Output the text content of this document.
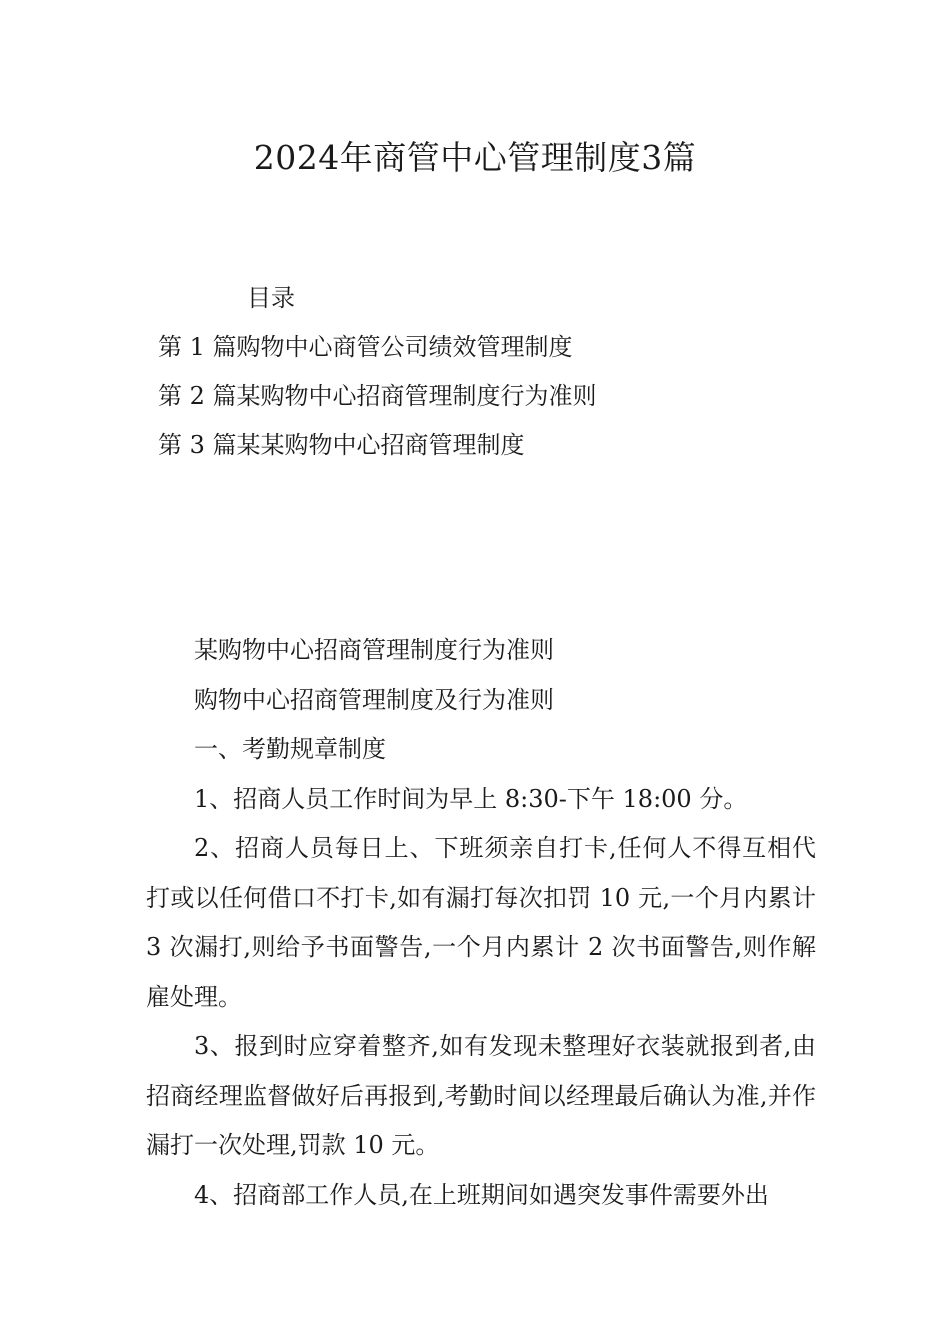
2024年商管中心管理制度3篇
目录
第 1 篇购物中心商管公司绩效管理制度
第 2 篇某购物中心招商管理制度行为准则
第 3 篇某某购物中心招商管理制度

某购物中心招商管理制度行为准则

购物中心招商管理制度及行为准则

一、考勤规章制度

1、招商人员工作时间为早上 8:30-下午 18:00 分。

2、招商人员每日上、下班须亲自打卡,任何人不得互相代打或以任何借口不打卡,如有漏打每次扣罚 10 元,一个月内累计 3 次漏打,则给予书面警告,一个月内累计 2 次书面警告,则作解雇处理。

3、报到时应穿着整齐,如有发现未整理好衣装就报到者,由招商经理监督做好后再报到,考勤时间以经理最后确认为准,并作漏打一次处理,罚款 10 元。

4、招商部工作人员,在上班期间如遇突发事件需要外出
